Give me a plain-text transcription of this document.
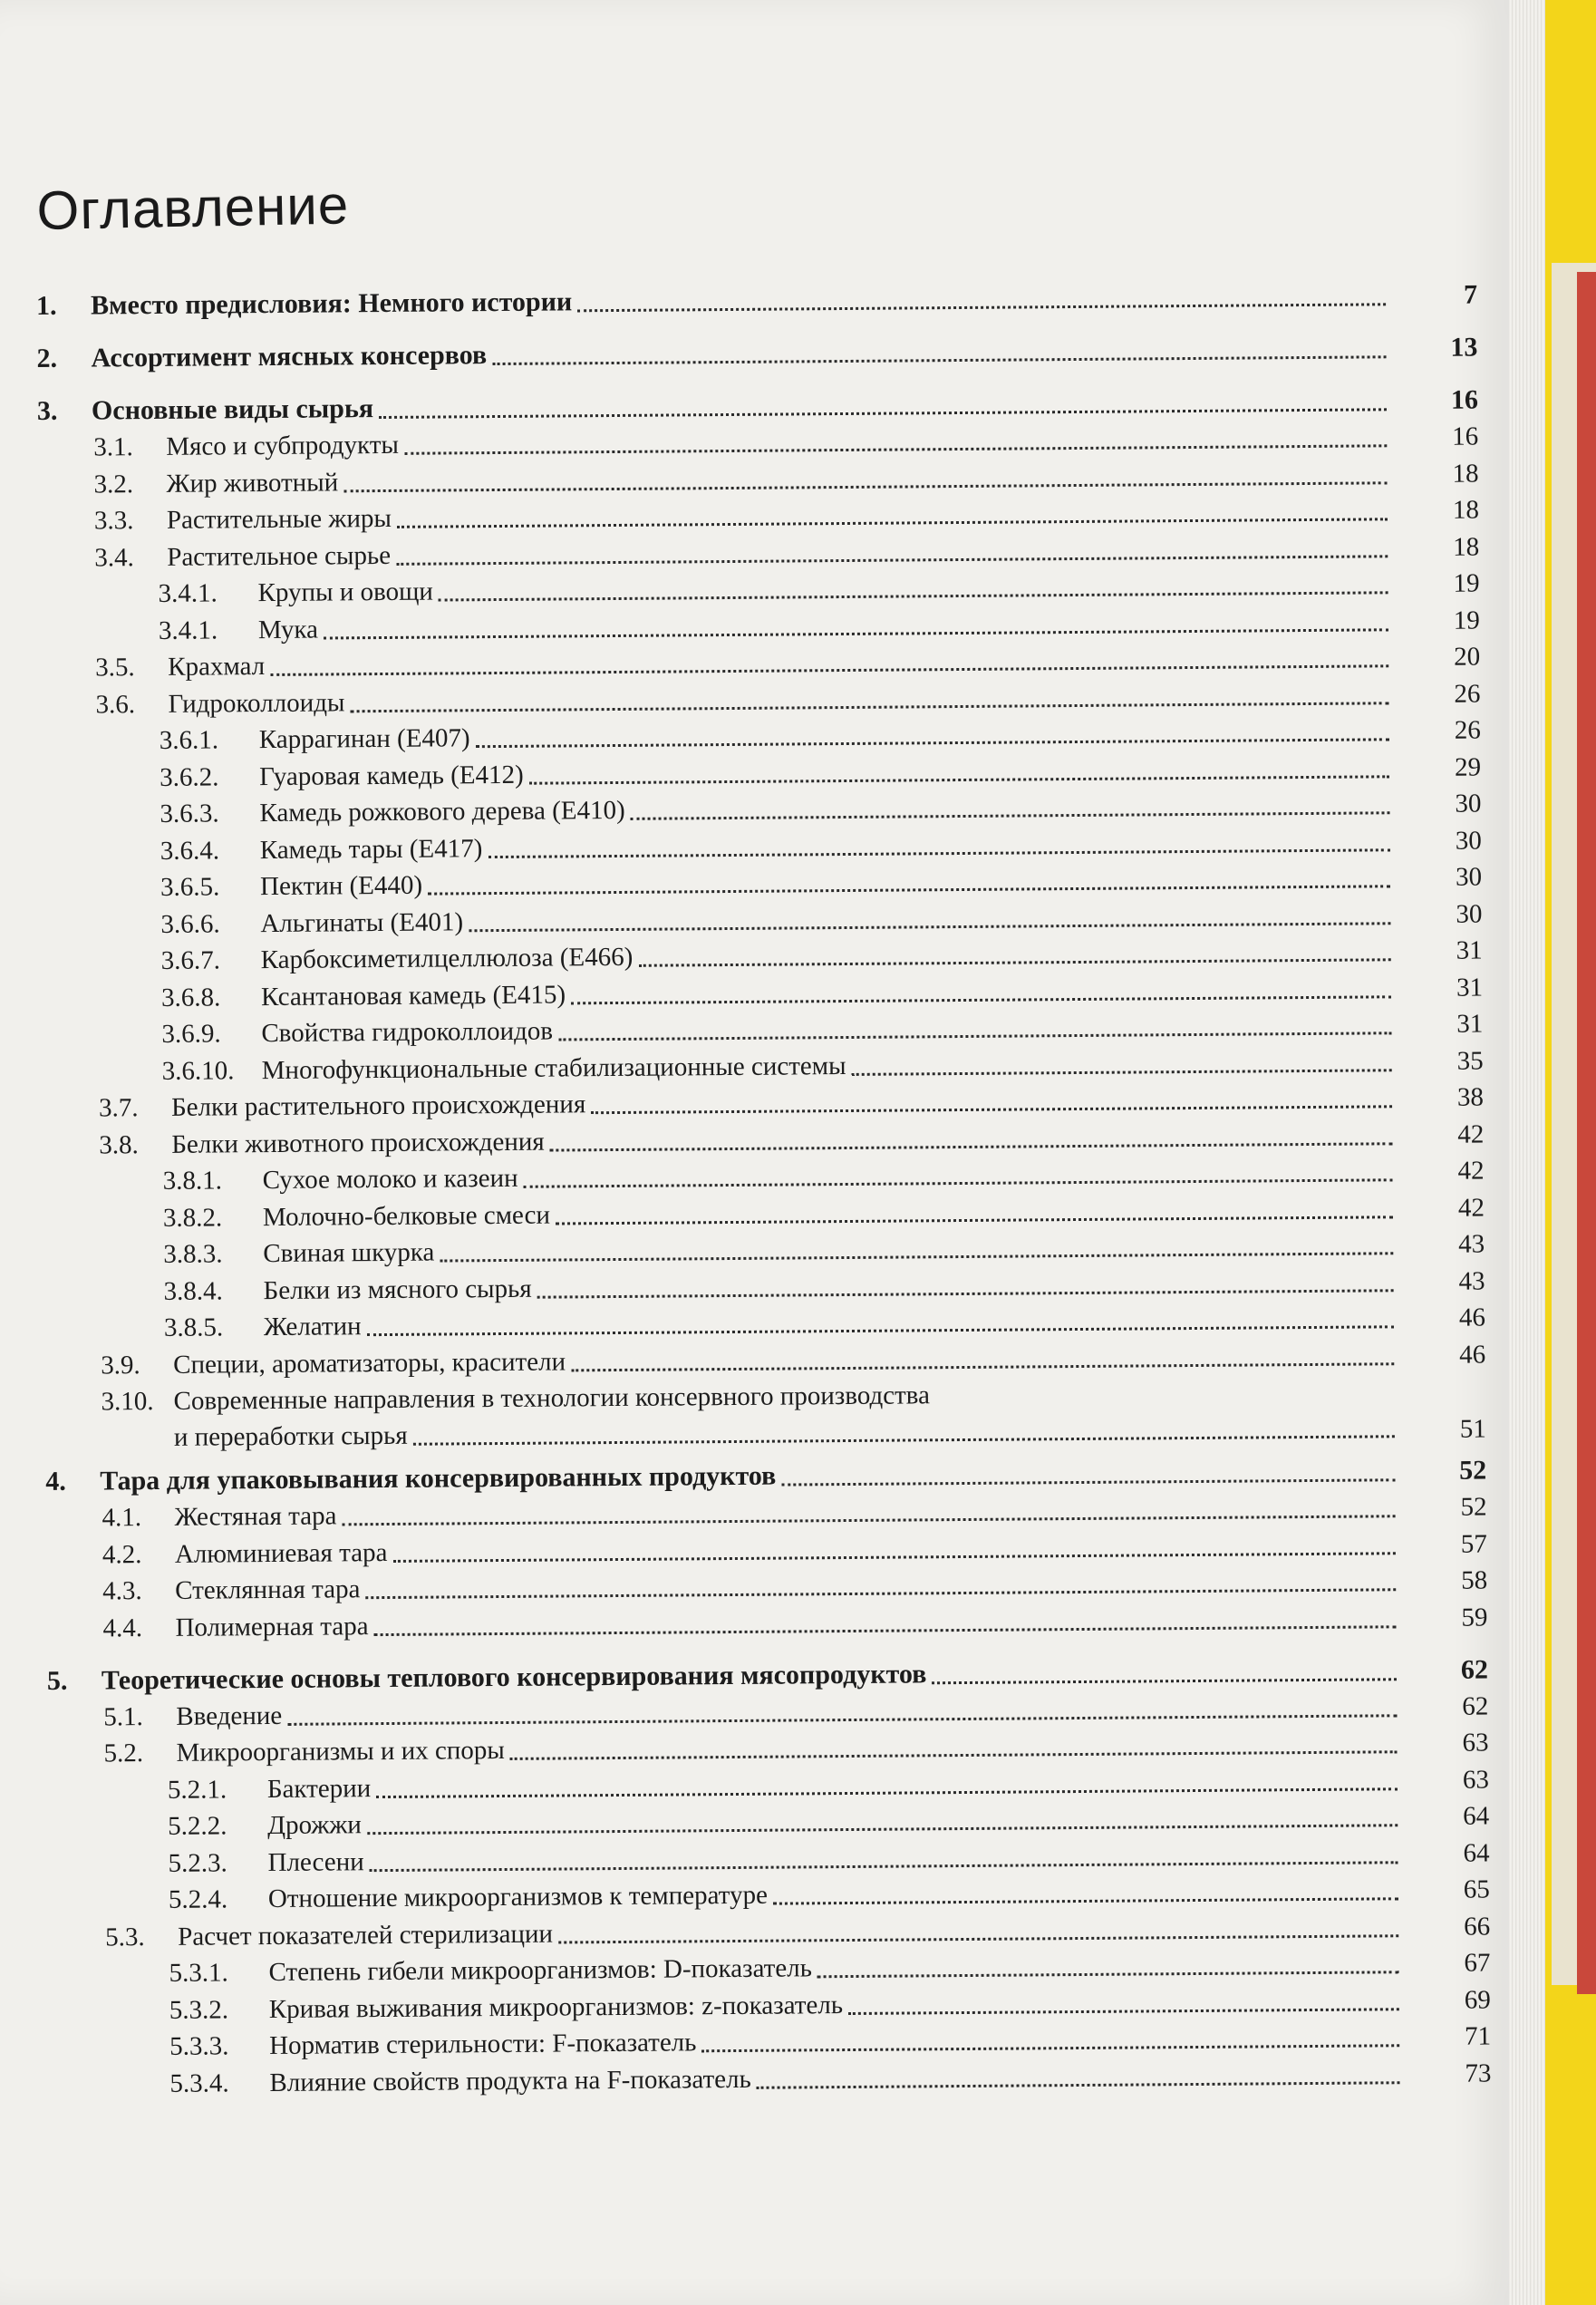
Оглавление
1.	Вместо предисловия: Немного истории	7
2.	Ассортимент мясных консервов	13
3.	Основные виды сырья	16
3.1.	Мясо и субпродукты	16
3.2.	Жир животный	18
3.3.	Растительные жиры	18
3.4.	Растительное сырье	18
3.4.1.	Крупы и овощи	19
3.4.1.	Мука	19
3.5.	Крахмал	20
3.6.	Гидроколлоиды	26
3.6.1.	Каррагинан (Е407)	26
3.6.2.	Гуаровая камедь (Е412)	29
3.6.3.	Камедь рожкового дерева (Е410)	30
3.6.4.	Камедь тары (Е417)	30
3.6.5.	Пектин (Е440)	30
3.6.6.	Альгинаты (Е401)	30
3.6.7.	Карбоксиметилцеллюлоза (Е466)	31
3.6.8.	Ксантановая камедь (Е415)	31
3.6.9.	Свойства гидроколлоидов	31
3.6.10.	Многофункциональные стабилизационные системы	35
3.7.	Белки растительного происхождения	38
3.8.	Белки животного происхождения	42
3.8.1.	Сухое молоко и казеин	42
3.8.2.	Молочно-белковые смеси	42
3.8.3.	Свиная шкурка	43
3.8.4.	Белки из мясного сырья	43
3.8.5.	Желатин	46
3.9.	Специи, ароматизаторы, красители	46
3.10. Современные направления в технологии консервного производства
и переработки сырья	51
4.	Тара для упаковывания консервированных продуктов	52
4.1.	Жестяная тара	52
4.2.	Алюминиевая тара	57
4.3.	Стеклянная тара	58
4.4.	Полимерная тара	59
5.	Теоретические основы теплового консервирования мясопродуктов	62
5.1.	Введение	62
5.2.	Микроорганизмы и их споры	63
5.2.1.	Бактерии	63
5.2.2.	Дрожжи	64
5.2.3.	Плесени	64
5.2.4.	Отношение микроорганизмов к температуре	65
5.3.	Расчет показателей стерилизации	66
5.3.1.	Степень гибели микроорганизмов: D-показатель	67
5.3.2.	Кривая выживания микроорганизмов: z-показатель	69
5.3.3.	Норматив стерильности: F-показатель	71
5.3.4.	Влияние свойств продукта на F-показатель	73
